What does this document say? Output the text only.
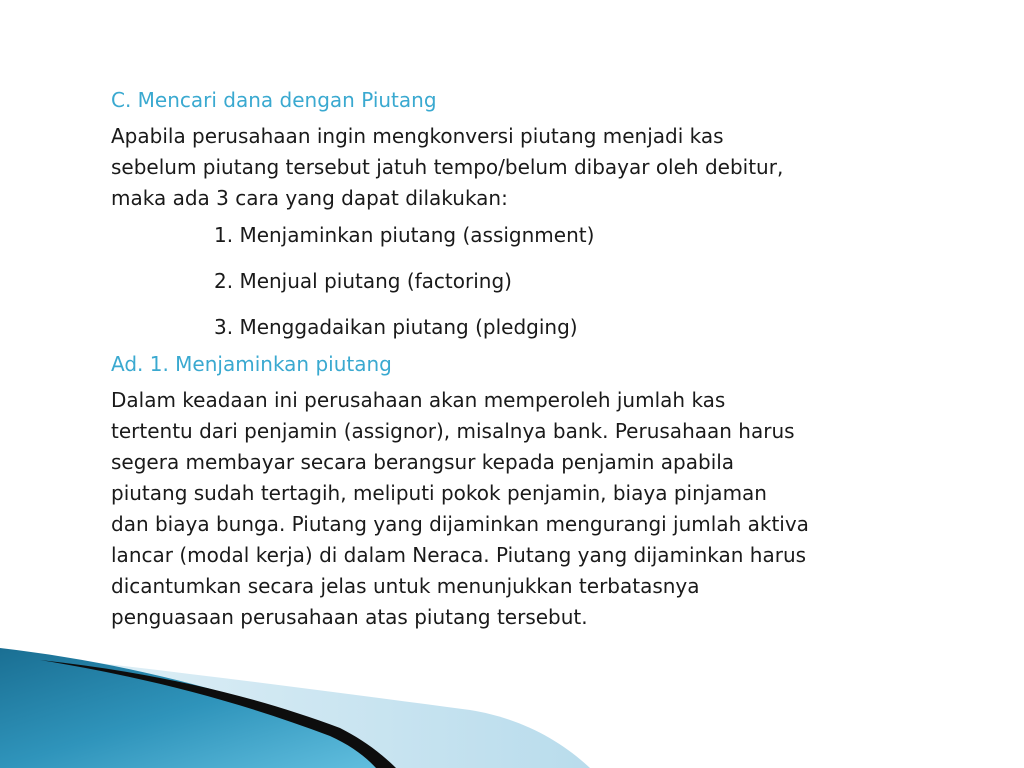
C. Mencari dana dengan Piutang
Apabila perusahaan ingin mengkonversi piutang menjadi kas
sebelum piutang tersebut jatuh tempo/belum dibayar oleh debitur,
maka ada 3 cara yang dapat dilakukan:
1. Menjaminkan piutang (assignment)
2. Menjual piutang (factoring)
3. Menggadaikan piutang (pledging)
Ad. 1. Menjaminkan piutang
Dalam keadaan ini perusahaan akan memperoleh jumlah kas
tertentu dari penjamin (assignor), misalnya bank. Perusahaan harus
segera membayar secara berangsur kepada penjamin apabila
piutang sudah tertagih, meliputi pokok penjamin, biaya pinjaman
dan biaya bunga. Piutang yang dijaminkan mengurangi jumlah aktiva
lancar (modal kerja) di dalam Neraca. Piutang yang dijaminkan harus
dicantumkan secara jelas untuk menunjukkan terbatasnya
penguasaan perusahaan atas piutang tersebut.
